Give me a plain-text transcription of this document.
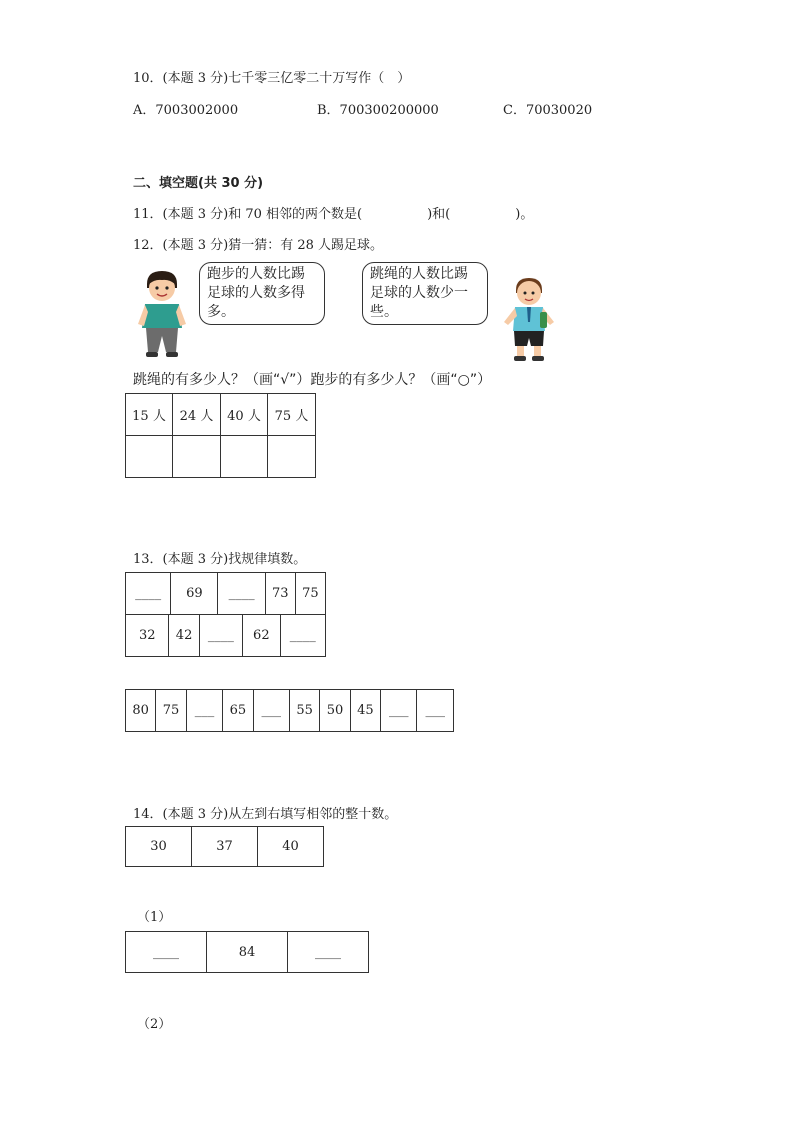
10．(本题 3 分)七千零三亿零二十万写作（　）
A．7003002000	B．700300200000	C．70030020
二、填空题(共 30 分)
11．(本题 3 分)和 70 相邻的两个数是(　　　　　)和(　　　　　)。
12．(本题 3 分)猜一猜：有 28 人踢足球。
跑步的人数比踢足球的人数多得多。
跳绳的人数比踢足球的人数少一些。
跳绳的有多少人？（画“√”）跑步的有多少人？（画“○”）
15 人	24 人	40 人	75 人

13．(本题 3 分)找规律填数。
____	69	____	73	75
32	42	____	62	____
80	75	___	65	___	55	50	45	___	___
14．(本题 3 分)从左到右填写相邻的整十数。
30	37	40
（1）
____	84	____
（2）
